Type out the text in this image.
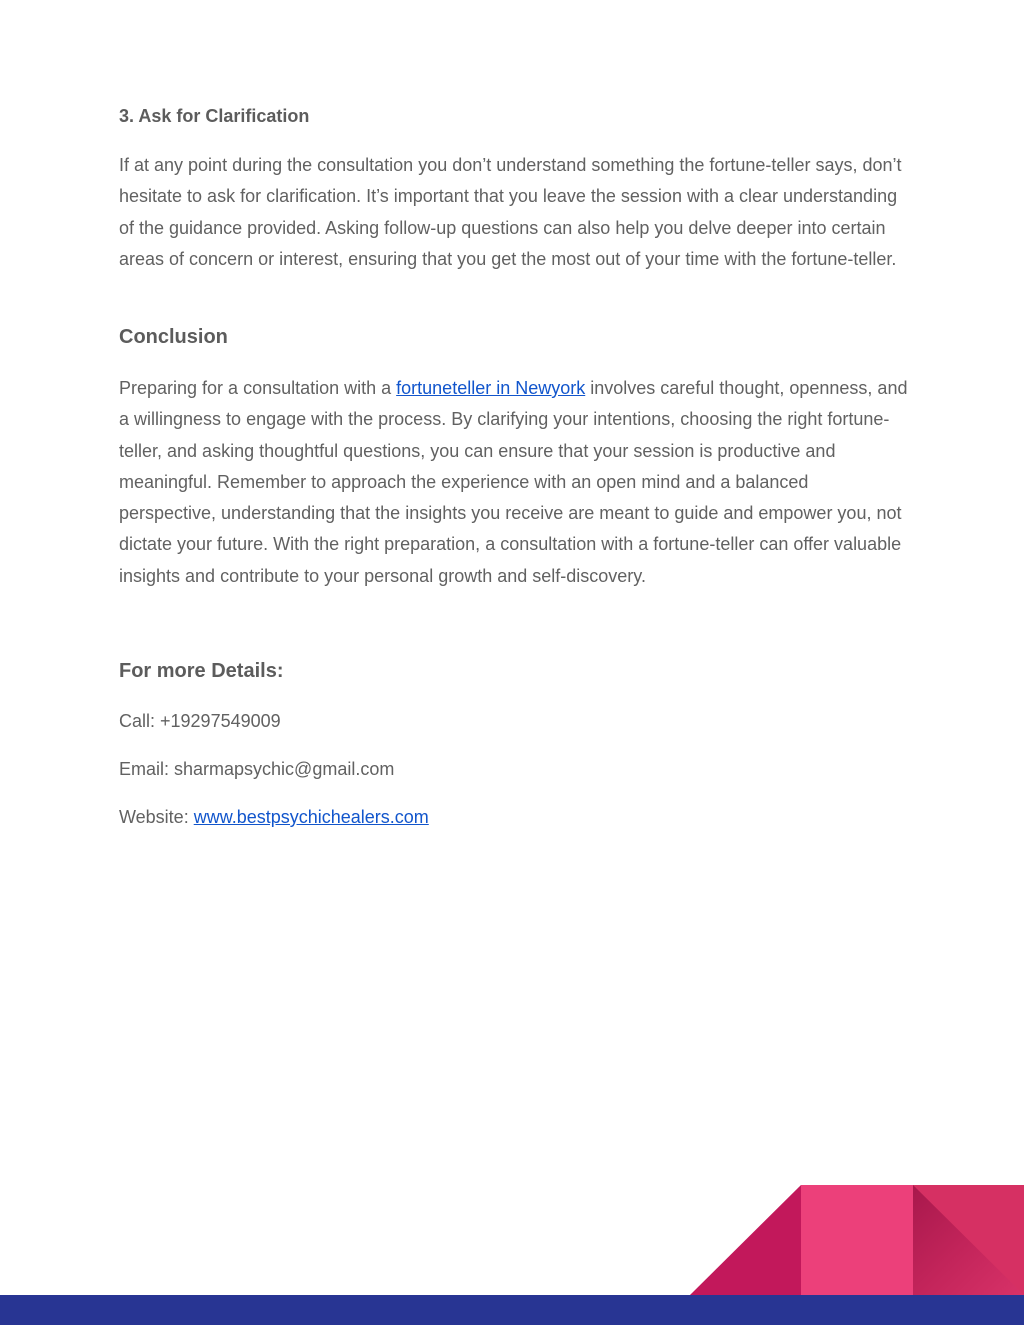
3. Ask for Clarification

If at any point during the consultation you don’t understand something the fortune-teller says, don’t hesitate to ask for clarification. It’s important that you leave the session with a clear understanding of the guidance provided. Asking follow-up questions can also help you delve deeper into certain areas of concern or interest, ensuring that you get the most out of your time with the fortune-teller.

Conclusion

Preparing for a consultation with a fortuneteller in Newyork involves careful thought, openness, and a willingness to engage with the process. By clarifying your intentions, choosing the right fortune-teller, and asking thoughtful questions, you can ensure that your session is productive and meaningful. Remember to approach the experience with an open mind and a balanced perspective, understanding that the insights you receive are meant to guide and empower you, not dictate your future. With the right preparation, a consultation with a fortune-teller can offer valuable insights and contribute to your personal growth and self-discovery.

For more Details:

Call: +19297549009

Email: sharmapsychic@gmail.com

Website: www.bestpsychichealers.com
